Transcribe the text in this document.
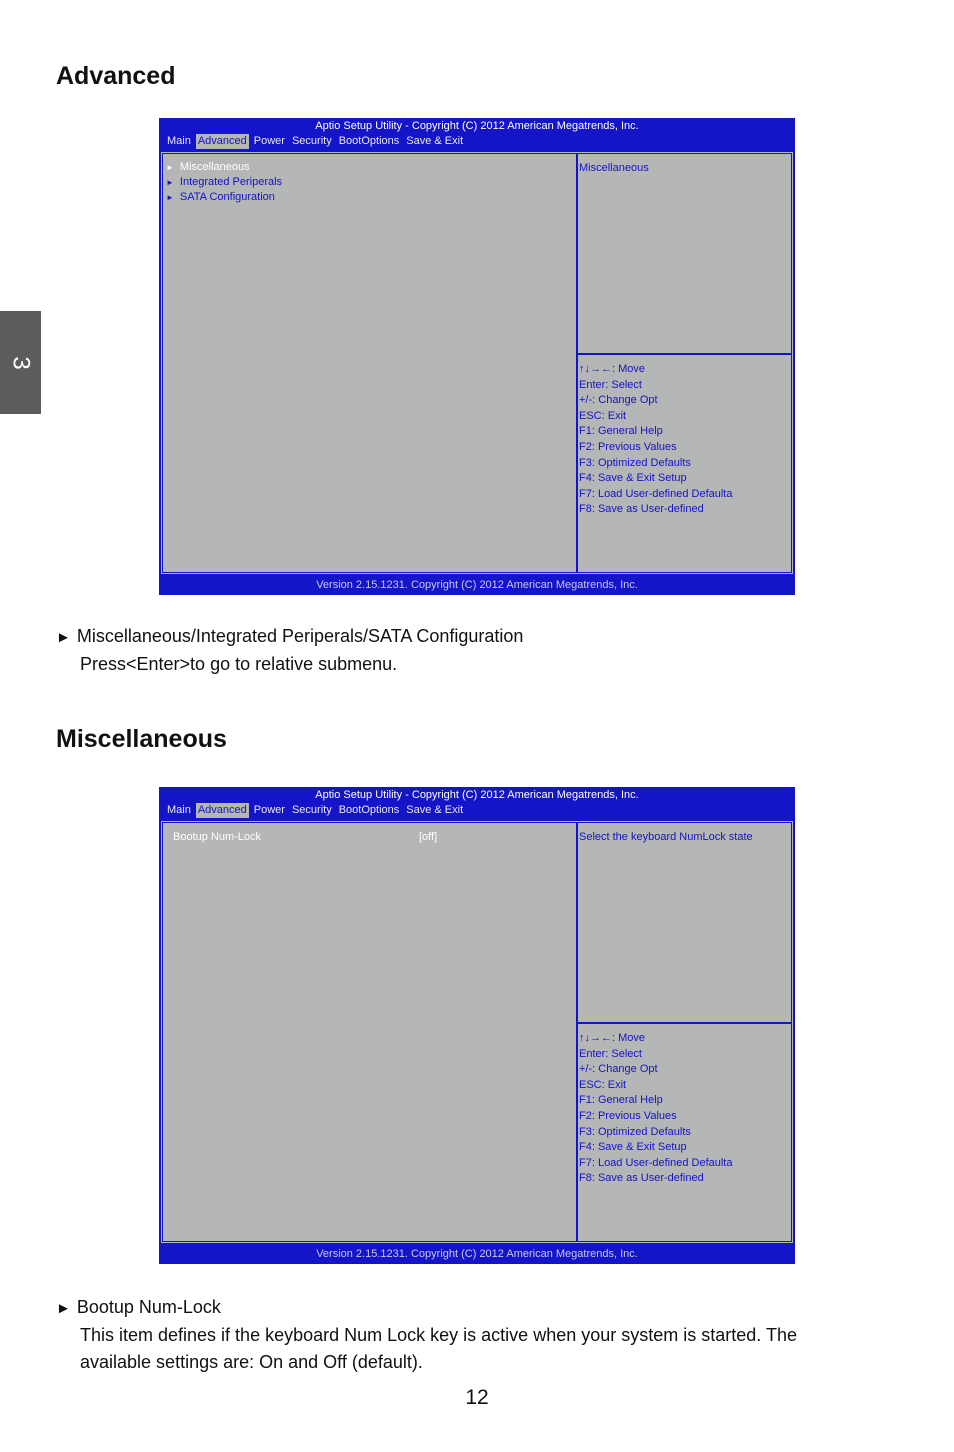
3
Advanced
Aptio Setup Utility - Copyright (C) 2012 American Megatrends, Inc.
Main Advanced Power Security BootOptions Save & Exit
► Miscellaneous
► Integrated Periperals
► SATA Configuration
Miscellaneous
↑↓→←: Move
Enter: Select
+/-: Change Opt
ESC: Exit
F1: General Help
F2: Previous Values
F3: Optimized Defaults
F4: Save & Exit Setup
F7: Load User-defined Defaulta
F8: Save as User-defined
Version 2.15.1231. Copyright (C) 2012 American Megatrends, Inc.
► Miscellaneous/Integrated Periperals/SATA Configuration
Press<Enter>to go to relative submenu.
Miscellaneous
Aptio Setup Utility - Copyright (C) 2012 American Megatrends, Inc.
Main Advanced Power Security BootOptions Save & Exit
Bootup Num-Lock	[off]	Select the keyboard NumLock state
↑↓→←: Move
Enter: Select
+/-: Change Opt
ESC: Exit
F1: General Help
F2: Previous Values
F3: Optimized Defaults
F4: Save & Exit Setup
F7: Load User-defined Defaulta
F8: Save as User-defined
Version 2.15.1231. Copyright (C) 2012 American Megatrends, Inc.
► Bootup Num-Lock
This item defines if the keyboard Num Lock key is active when your system is started. The
available settings are: On and Off (default).
12
